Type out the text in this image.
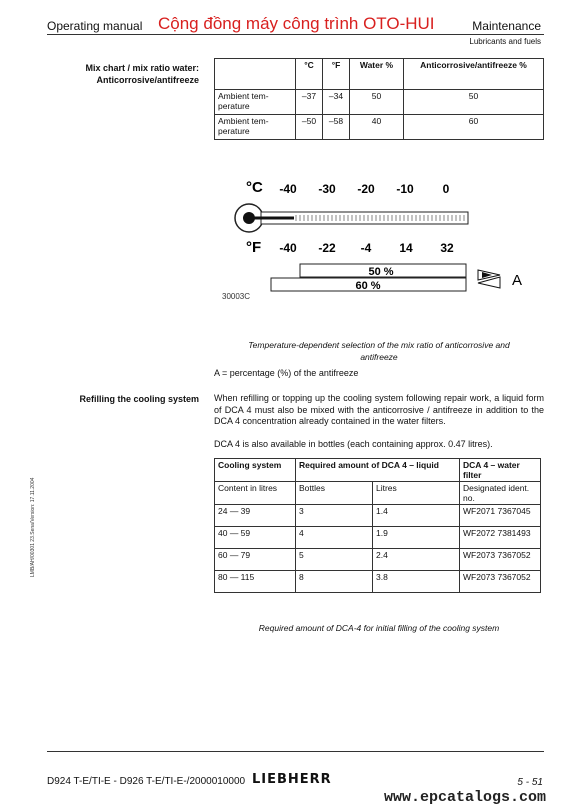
Operating manual Cộng đồng máy công trình OTO-HUI	Maintenance
Lubricants and fuels
Mix chart / mix ratio water:
Anticorrosive/antifreeze
	°C	°F	Water %	Anticorrosive/antifreeze %
Ambient tem-perature	–37	–34	50	50
Ambient tem-perature	–50	–58	40	60
°C -40 -30 -20 -10 0
°F -40 -22 -4 14 32
50 %
60 %	A
30003C
Temperature-dependent selection of the mix ratio of anticorrosive and
antifreeze
A = percentage (%) of the antifreeze
Refilling the cooling system When refilling or topping up the cooling system following repair work, a liquid form of DCA 4 must also be mixed with the anticorrosive / antifreeze in addition to the DCA 4 concentration already contained in the water filters.
DCA 4 is also available in bottles (each containing approx. 0.47 litres).
Cooling system	Required amount of DCA 4 – liquid		DCA 4 – water filter
Content in litres	Bottles	Litres	Designated ident. no.
24 — 39	3	1.4	WF2071 7367045
40 — 59	4	1.9	WF2072 7381493
60 — 79	5	2.4	WF2073 7367052
80 — 115	8	3.8	WF2073 7367052
Required amount of DCA-4 for initial filling of the cooling system
LMB/AH/00301 23.Sena/Version: 17.11.2004
D924 T-E/TI-E - D926 T-E/TI-E-/2000010000 LIEBHERR	5 - 51
www.epcatalogs.com
